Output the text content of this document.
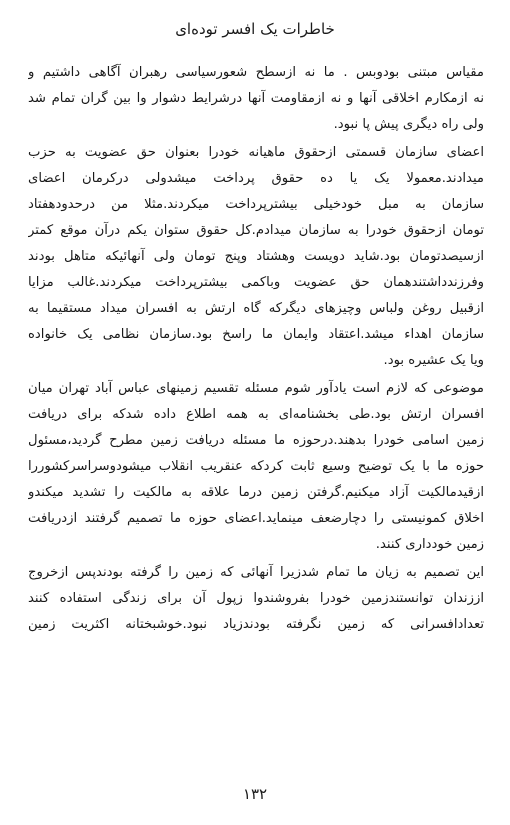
خاطرات یک افسر توده‌ای
مقیاس مبتنی بودوبس . ما نه ازسطح شعورسیاسی رهبران آگاهی داشتیم و
نه ازمکارم اخلاقی آنها و نه ازمقاومت آنها درشرایط دشوار وا بین گران تمام شد
ولی راه دیگری پیش پا نبود.
اعضای سازمان قسمتی ازحقوق ماهیانه خودرا بعنوان حق عضویت به حزب
میدادند.معمولا یک یا ده حقوق پرداخت میشدولی درکرمان اعضای
سازمان به مبل خودخیلی بیشترپرداخت میکردند.مثلا من درحدودهفتاد
تومان ازحقوق خودرا به سازمان میدادم.کل حقوق ستوان یکم درآن موقع کمتر
ازسیصدتومان بود.شاید دویست وهشتاد وپنج تومان ولی آنهائیکه متاهل بودند
وفرزندداشتندهمان حق عضویت وباکمی بیشترپرداخت میکردند.غالب مزایا
ازقبیل روغن ولباس وچیزهای دیگرکه گاه ارتش به افسران میداد مستقیما به
سازمان اهداء میشد.اعتقاد وایمان ما راسخ بود.سازمان نظامی یک خانواده
ویا یک عشیره بود.
موضوعی که لازم است یادآور شوم مسئله تقسیم زمینهای عباس آباد تهران میان
افسران ارتش بود.طی بخشنامه‌ای به همه اطلاع داده شدکه برای دریافت
زمین اسامی خودرا بدهند.درحوزه ما مسئله دریافت زمین مطرح گردید،مسئول
حوزه ما با یک توضیح وسیع ثابت کردکه عنقریب انقلاب میشودوسراسرکشوررا
ازقیدمالکیت آزاد میکنیم.گرفتن زمین درما علاقه به مالکیت را تشدید میکندو
اخلاق کمونیستی را دچارضعف مینماید.اعضای حوزه ما تصمیم گرفتند ازدریافت
زمین خودداری کنند.
این تصمیم به زیان ما تمام شدزیرا آنهائی که زمین را گرفته بودندپس ازخروج
اززندان توانستندزمین خودرا بفروشندوا زپول آن برای زندگی استفاده کنند
تعدادافسرانی که زمین نگرفته بودندزیاد نبود.خوشبختانه اکثریت زمین
۱۳۲
